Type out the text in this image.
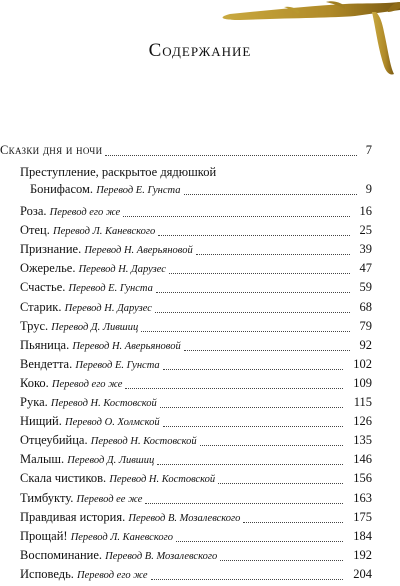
Содержание
Сказки дня и ночи	7
Преступление, раскрытое дядюшкой
Бонифасом. Перевод Е. Гунста	9
Роза. Перевод его же	16
Отец. Перевод Л. Каневского	25
Признание. Перевод Н. Аверьяновой	39
Ожерелье. Перевод Н. Дарузес	47
Счастье. Перевод Е. Гунста	59
Старик. Перевод Н. Дарузес	68
Трус. Перевод Д. Лившиц	79
Пьяница. Перевод Н. Аверьяновой	92
Вендетта. Перевод Е. Гунста	102
Коко. Перевод его же	109
Рука. Перевод Н. Костовской	115
Нищий. Перевод О. Холмской	126
Отцеубийца. Перевод Н. Костовской	135
Малыш. Перевод Д. Лившиц	146
Скала чистиков. Перевод Н. Костовской	156
Тимбукту. Перевод ее же	163
Правдивая история. Перевод В. Мозалевского	175
Прощай! Перевод Л. Каневского	184
Воспоминание. Перевод В. Мозалевского	192
Исповедь. Перевод его же	204
